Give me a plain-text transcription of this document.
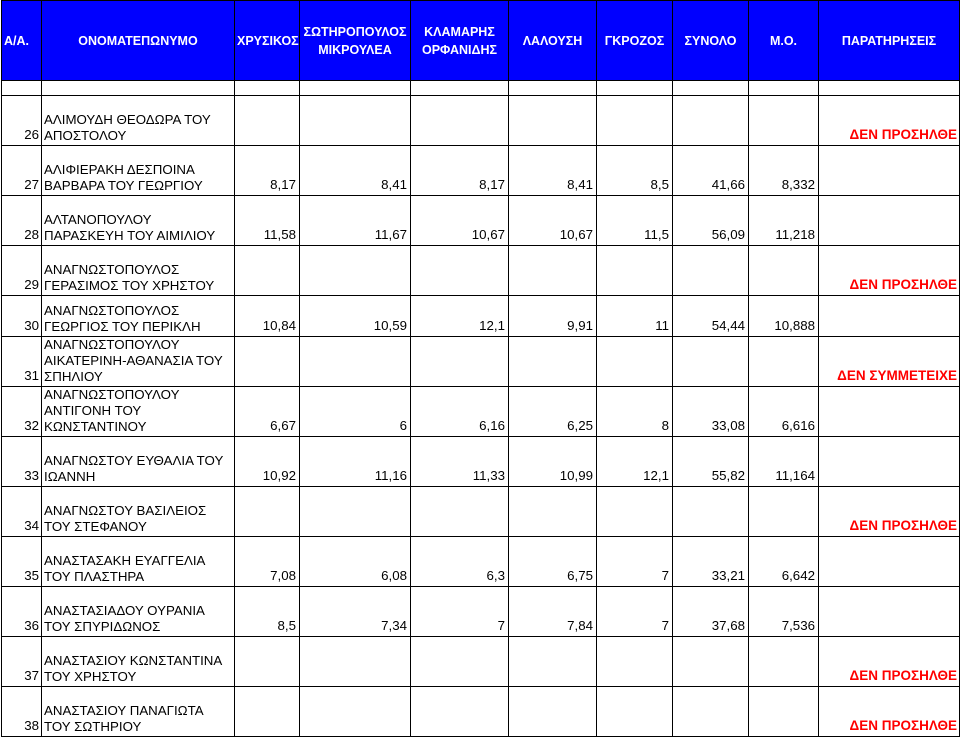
Α/Α.	ΟΝΟΜΑΤΕΠΩΝΥΜΟ	ΧΡΥΣΙΚΟΣ	ΣΩΤΗΡΟΠΟΥΛΟΣ ΜΙΚΡΟΥΛΕΑ	ΚΛΑΜΑΡΗΣ ΟΡΦΑΝΙΔΗΣ	ΛΑΛΟΥΣΗ	ΓΚΡΟΖΟΣ	ΣΥΝΟΛΟ	Μ.Ο.	ΠΑΡΑΤΗΡΗΣΕΙΣ

26	ΑΛΙΜΟΥΔΗ ΘΕΟΔΩΡΑ ΤΟΥ ΑΠΟΣΤΟΛΟΥ								ΔΕΝ ΠΡΟΣΗΛΘΕ
27	ΑΛΙΦΙΕΡΑΚΗ ΔΕΣΠΟΙΝΑ ΒΑΡΒΑΡΑ ΤΟΥ ΓΕΩΡΓΙΟΥ	8,17	8,41	8,17	8,41	8,5	41,66	8,332	
28	ΑΛΤΑΝΟΠΟΥΛΟΥ ΠΑΡΑΣΚΕΥΗ ΤΟΥ ΑΙΜΙΛΙΟΥ	11,58	11,67	10,67	10,67	11,5	56,09	11,218	
29	ΑΝΑΓΝΩΣΤΟΠΟΥΛΟΣ ΓΕΡΑΣΙΜΟΣ ΤΟΥ ΧΡΗΣΤΟΥ								ΔΕΝ ΠΡΟΣΗΛΘΕ
30	ΑΝΑΓΝΩΣΤΟΠΟΥΛΟΣ ΓΕΩΡΓΙΟΣ ΤΟΥ ΠΕΡΙΚΛΗ	10,84	10,59	12,1	9,91	11	54,44	10,888	
31	ΑΝΑΓΝΩΣΤΟΠΟΥΛΟΥ ΑΙΚΑΤΕΡΙΝΗ-ΑΘΑΝΑΣΙΑ ΤΟΥ ΣΠΗΛΙΟΥ								ΔΕΝ ΣΥΜΜΕΤΕΙΧΕ
32	ΑΝΑΓΝΩΣΤΟΠΟΥΛΟΥ ΑΝΤΙΓΟΝΗ ΤΟΥ ΚΩΝΣΤΑΝΤΙΝΟΥ	6,67	6	6,16	6,25	8	33,08	6,616	
33	ΑΝΑΓΝΩΣΤΟΥ ΕΥΘΑΛΙΑ ΤΟΥ ΙΩΑΝΝΗ	10,92	11,16	11,33	10,99	12,1	55,82	11,164	
34	ΑΝΑΓΝΩΣΤΟΥ ΒΑΣΙΛΕΙΟΣ ΤΟΥ ΣΤΕΦΑΝΟΥ								ΔΕΝ ΠΡΟΣΗΛΘΕ
35	ΑΝΑΣΤΑΣΑΚΗ ΕΥΑΓΓΕΛΙΑ ΤΟΥ ΠΛΑΣΤΗΡΑ	7,08	6,08	6,3	6,75	7	33,21	6,642	
36	ΑΝΑΣΤΑΣΙΑΔΟΥ ΟΥΡΑΝΙΑ ΤΟΥ ΣΠΥΡΙΔΩΝΟΣ	8,5	7,34	7	7,84	7	37,68	7,536	
37	ΑΝΑΣΤΑΣΙΟΥ ΚΩΝΣΤΑΝΤΙΝΑ ΤΟΥ ΧΡΗΣΤΟΥ								ΔΕΝ ΠΡΟΣΗΛΘΕ
38	ΑΝΑΣΤΑΣΙΟΥ ΠΑΝΑΓΙΩΤΑ ΤΟΥ ΣΩΤΗΡΙΟΥ								ΔΕΝ ΠΡΟΣΗΛΘΕ
